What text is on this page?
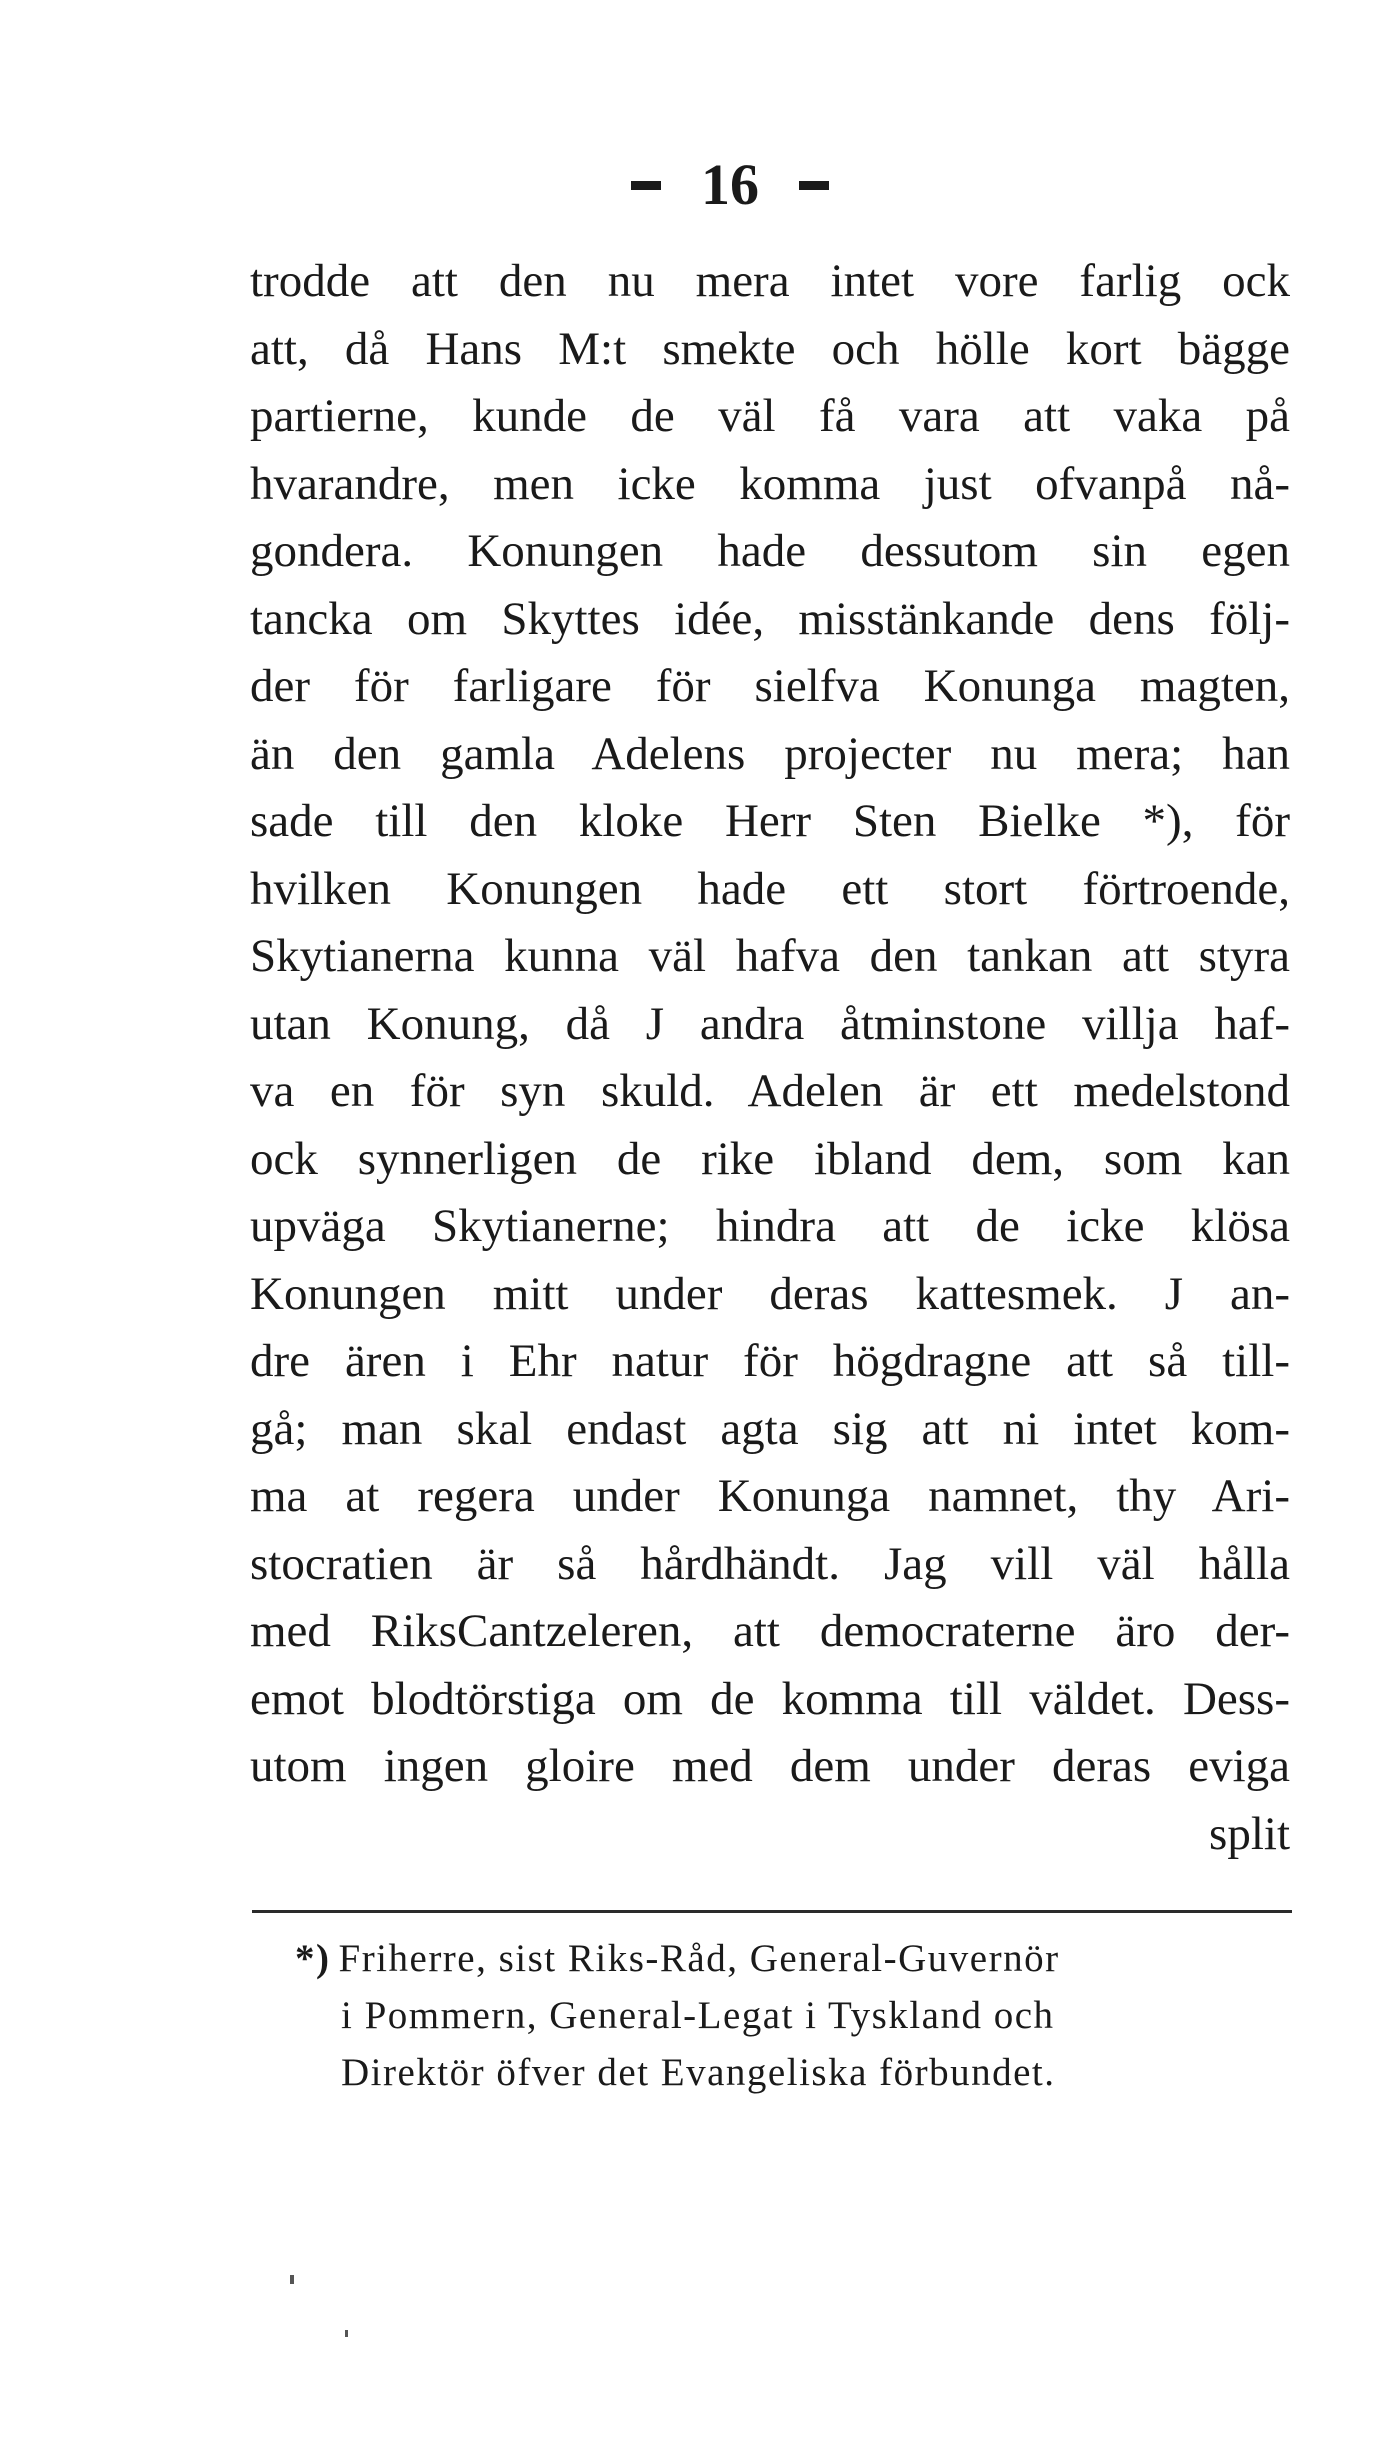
16
trodde att den nu mera intet vore farlig ock
att, då Hans M:t smekte och hölle kort bägge
partierne, kunde de väl få vara att vaka på
hvarandre, men icke komma just ofvanpå nå-
gondera. Konungen hade dessutom sin egen
tancka om Skyttes idée, misstänkande dens följ-
der för farligare för sielfva Konunga magten,
än den gamla Adelens projecter nu mera; han
sade till den kloke Herr Sten Bielke *), för
hvilken Konungen hade ett stort förtroende,
Skytianerna kunna väl hafva den tankan att styra
utan Konung, då J andra åtminstone villja haf-
va en för syn skuld. Adelen är ett medelstond
ock synnerligen de rike ibland dem, som kan
upväga Skytianerne; hindra att de icke klösa
Konungen mitt under deras kattesmek. J an-
dre ären i Ehr natur för högdragne att så till-
gå; man skal endast agta sig att ni intet kom-
ma at regera under Konunga namnet, thy Ari-
stocratien är så hårdhändt. Jag vill väl hålla
med RiksCantzeleren, att democraterne äro der-
emot blodtörstiga om de komma till väldet. Dess-
utom ingen gloire med dem under deras eviga
split
*) Friherre, sist Riks-Råd, General-Guvernör
i Pommern, General-Legat i Tyskland och
Direktör öfver det Evangeliska förbundet.
